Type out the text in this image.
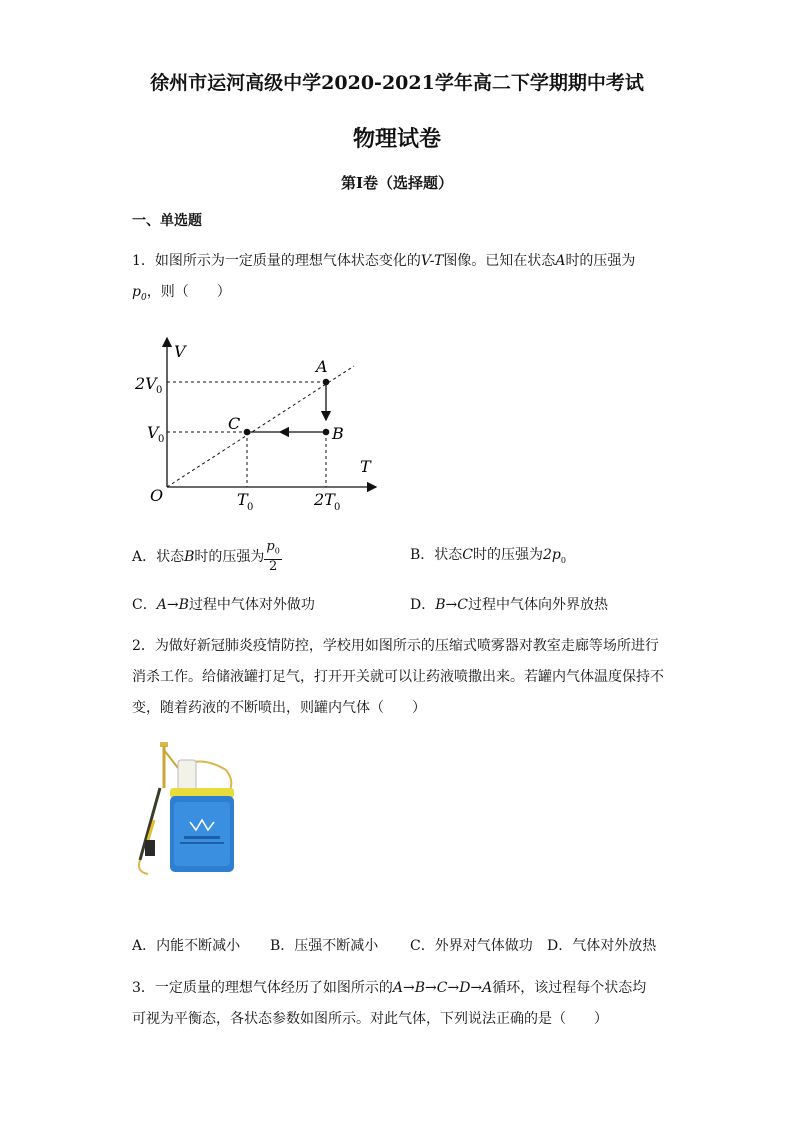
徐州市运河高级中学2020-2021学年高二下学期期中考试
物理试卷
第I卷（选择题）
一、单选题
1．如图所示为一定质量的理想气体状态变化的V-T图像。已知在状态A时的压强为
$p_0$，则（　　）
V
T
O
2V 0
V 0
T 0	2T 0
A
B
C
A．状态B时的压强为 $\frac{p_0}{2}$	B．状态C时的压强为$2p_0$
C．A→B过程中气体对外做功	D．B→C过程中气体向外界放热
2．为做好新冠肺炎疫情防控，学校用如图所示的压缩式喷雾器对教室走廊等场所进行
消杀工作。给储液罐打足气，打开开关就可以让药液喷撒出来。若罐内气体温度保持不
变，随着药液的不断喷出，则罐内气体（　　）
A．内能不断减小 B．压强不断减小 C．外界对气体做功 D．气体对外放热
3．一定质量的理想气体经历了如图所示的A→B→C→D→A循环，该过程每个状态均
可视为平衡态，各状态参数如图所示。对此气体，下列说法正确的是（　　）
